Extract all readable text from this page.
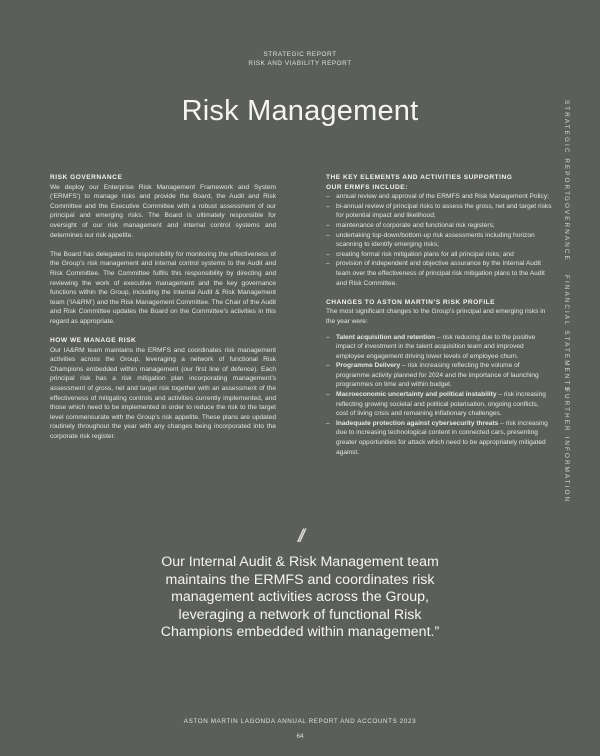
STRATEGIC REPORT
RISK AND VIABILITY REPORT
Risk Management	STRATEGIC REPORT
GOVERNANCE
FINANCIAL STATEMENTS
FURTHER INFORMATION
RISK GOVERNANCE

We deploy our Enterprise Risk Management Framework and System (‘ERMFS’) to manage risks and provide the Board, the Audit and Risk Committee and the Executive Committee with a robust assessment of our principal and emerging risks. The Board is ultimately responsible for oversight of our risk management and internal control systems and determines our risk appetite.

The Board has delegated its responsibility for monitoring the effectiveness of the Group’s risk management and internal control systems to the Audit and Risk Committee. The Committee fulfils this responsibility by directing and reviewing the work of executive management and the key governance functions within the Group, including the Internal Audit & Risk Management team (‘IA&RM’) and the Risk Management Committee. The Chair of the Audit and Risk Committee updates the Board on the Committee’s activities in this regard as appropriate.

HOW WE MANAGE RISK

Our IA&RM team maintains the ERMFS and coordinates risk management activities across the Group, leveraging a network of functional Risk Champions embedded within management (our first line of defence). Each principal risk has a risk mitigation plan incorporating management’s assessment of gross, net and target risk together with an assessment of the effectiveness of mitigating controls and activities currently implemented, and those which need to be implemented in order to reduce the risk to the target level commensurate with the Group’s risk appetite. These plans are updated routinely throughout the year with any changes being incorporated into the corporate risk register.

THE KEY ELEMENTS AND ACTIVITIES SUPPORTING
OUR ERMFS INCLUDE:
– annual review and approval of the ERMFS and Risk Management Policy;
– bi-annual review of principal risks to assess the gross, net and target risks for potential impact and likelihood;
– maintenance of corporate and functional risk registers;
– undertaking top-down/bottom-up risk assessments including horizon scanning to identify emerging risks;
– creating formal risk mitigation plans for all principal risks; and
– provision of independent and objective assurance by the Internal Audit team over the effectiveness of principal risk mitigation plans to the Audit and Risk Committee.
CHANGES TO ASTON MARTIN’S RISK PROFILE

The most significant changes to the Group’s principal and emerging risks in the year were:

– Talent acquisition and retention – risk reducing due to the positive impact of investment in the talent acquisition team and improved employee engagement driving lower levels of employee churn.
– Programme Delivery – risk increasing reflecting the volume of programme activity planned for 2024 and the importance of launching programmes on time and within budget.
– Macroeconomic uncertainty and political instability – risk increasing reflecting growing societal and political polarisation, ongoing conflicts, cost of living crisis and remaining inflationary challenges.
– Inadequate protection against cybersecurity threats – risk increasing due to increasing technological content in connected cars, presenting greater opportunities for attack which need to be appropriately mitigated against.
//

Our Internal Audit & Risk Management team maintains the ERMFS and coordinates risk management activities across the Group, leveraging a network of functional Risk Champions embedded within management.”

ASTON MARTIN LAGONDA ANNUAL REPORT AND ACCOUNTS 2023
64
